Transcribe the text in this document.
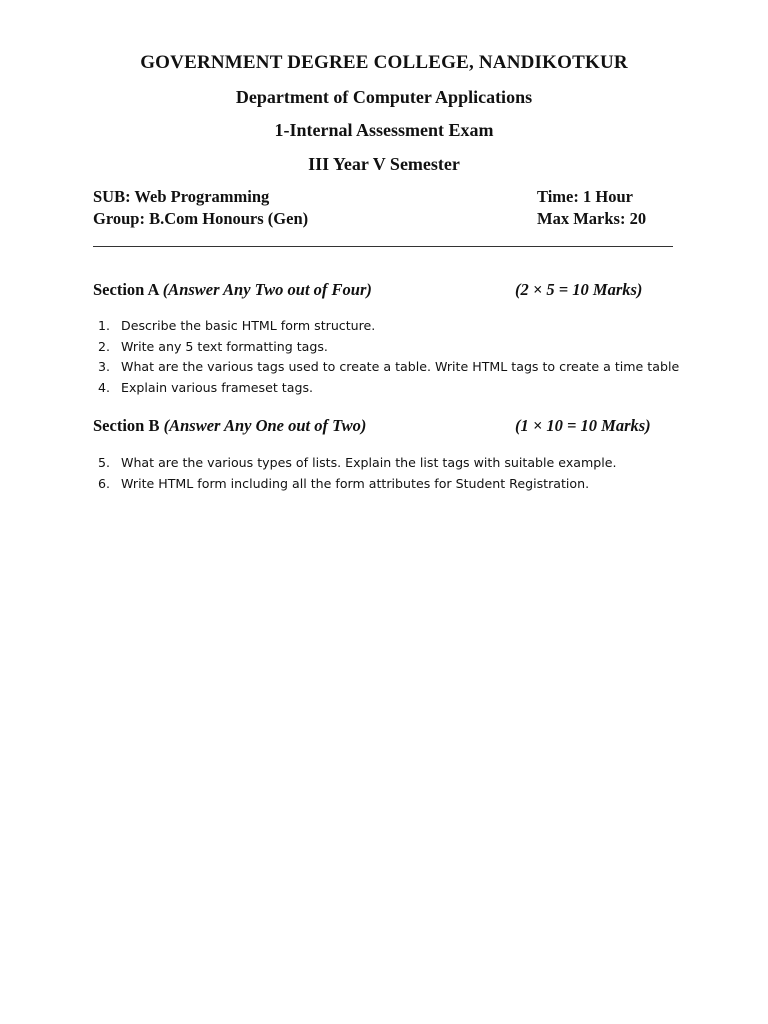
GOVERNMENT DEGREE COLLEGE, NANDIKOTKUR
Department of Computer Applications
1-Internal Assessment Exam
III Year V Semester
SUB: Web Programming	Time: 1 Hour
Group: B.Com Honours (Gen)	Max Marks: 20
Section A (Answer Any Two out of Four)	(2 × 5 = 10 Marks)
1. Describe the basic HTML form structure.
2. Write any 5 text formatting tags.
3. What are the various tags used to create a table. Write HTML tags to create a time table
4. Explain various frameset tags.
Section B (Answer Any One out of Two)	(1 × 10 = 10 Marks)
5. What are the various types of lists. Explain the list tags with suitable example.
6. Write HTML form including all the form attributes for Student Registration.
